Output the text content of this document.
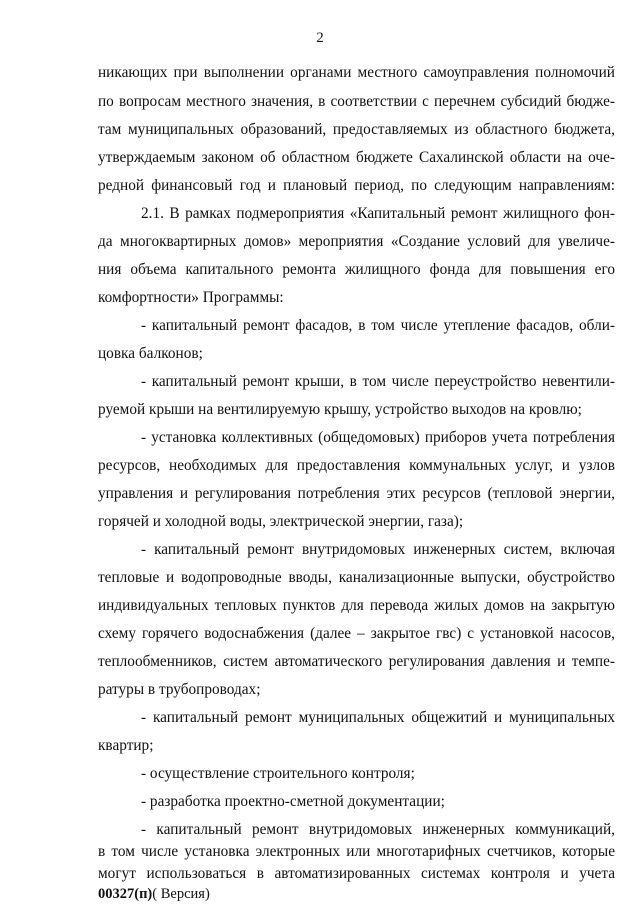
2
никающих при выполнении органами местного самоуправления полномочий
по вопросам местного значения, в соответствии с перечнем субсидий бюдже-
там муниципальных образований, предоставляемых из областного бюджета,
утверждаемым законом об областном бюджете Сахалинской области на оче-
редной финансовый год и плановый период, по следующим направлениям:
2.1. В рамках подмероприятия «Капитальный ремонт жилищного фон-
да многоквартирных домов» мероприятия «Создание условий для увеличе-
ния объема капитального ремонта жилищного фонда для повышения его
комфортности» Программы:
- капитальный ремонт фасадов, в том числе утепление фасадов, обли-
цовка балконов;
- капитальный ремонт крыши, в том числе переустройство невентили-
руемой крыши на вентилируемую крышу, устройство выходов на кровлю;
- установка коллективных (общедомовых) приборов учета потребления
ресурсов, необходимых для предоставления коммунальных услуг, и узлов
управления и регулирования потребления этих ресурсов (тепловой энергии,
горячей и холодной воды, электрической энергии, газа);
- капитальный ремонт внутридомовых инженерных систем, включая
тепловые и водопроводные вводы, канализационные выпуски, обустройство
индивидуальных тепловых пунктов для перевода жилых домов на закрытую
схему горячего водоснабжения (далее – закрытое гвс) с установкой насосов,
теплообменников, систем автоматического регулирования давления и темпе-
ратуры в трубопроводах;
- капитальный ремонт муниципальных общежитий и муниципальных
квартир;
- осуществление строительного контроля;
- разработка проектно-сметной документации;
- капитальный ремонт внутридомовых инженерных коммуникаций,
в том числе установка электронных или многотарифных счетчиков, которые
могут использоваться в автоматизированных системах контроля и учета
00327(п)( Версия)
